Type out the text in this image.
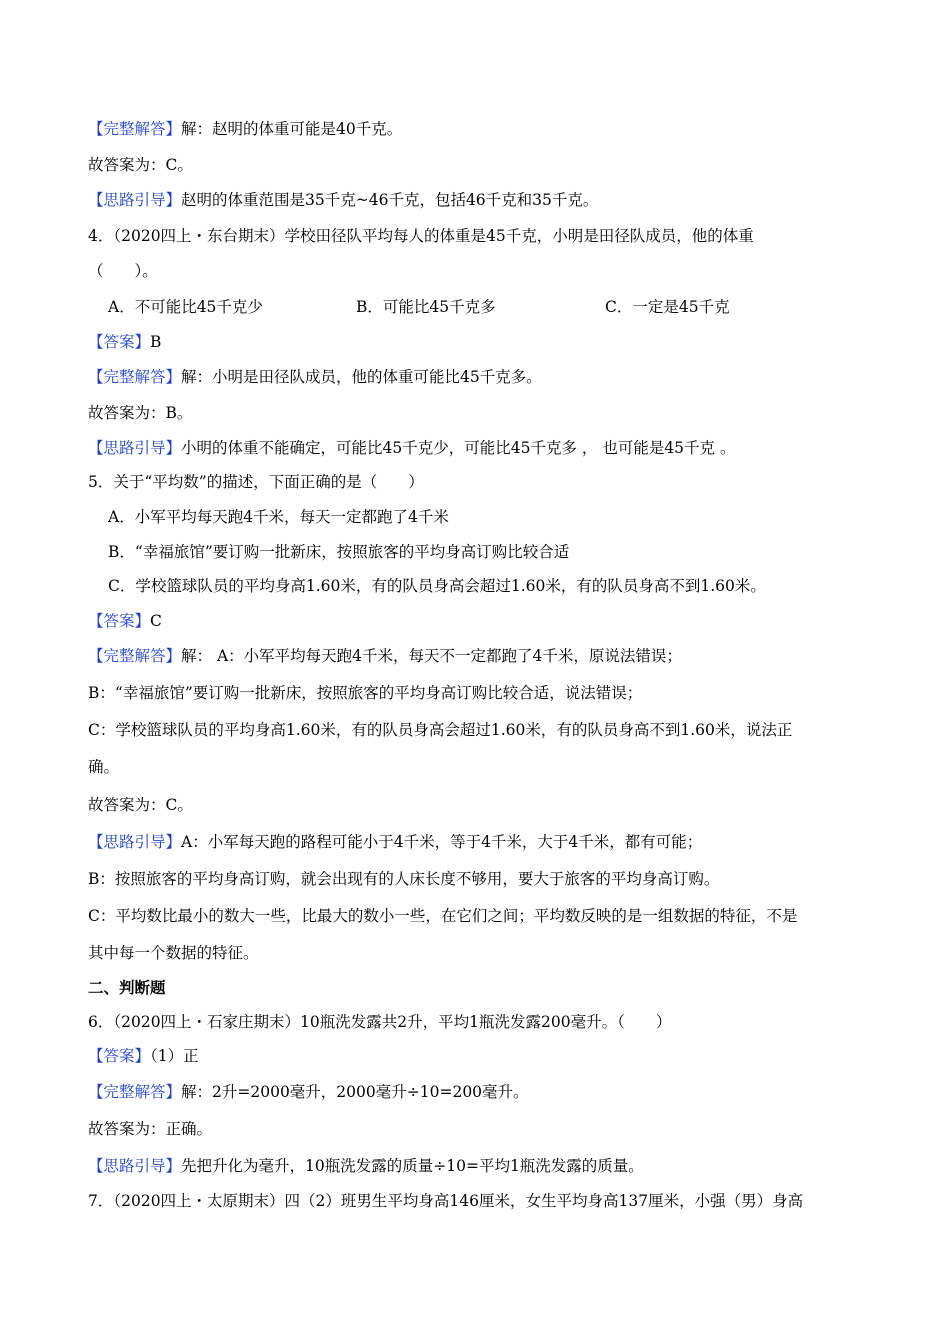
【完整解答】解：赵明的体重可能是40千克。
故答案为：C。
【思路引导】赵明的体重范围是35千克~46千克，包括46千克和35千克。
4．（2020四上・东台期末）学校田径队平均每人的体重是45千克，小明是田径队成员，他的体重
（　　）。
A．不可能比45千克少	B．可能比45千克多	C．一定是45千克
【答案】B
【完整解答】解：小明是田径队成员，他的体重可能比45千克多。
故答案为：B。
【思路引导】小明的体重不能确定，可能比45千克少，可能比45千克多 ， 也可能是45千克 。
5．关于“平均数”的描述，下面正确的是（　　）
A．小军平均每天跑4千米，每天一定都跑了4千米
B．“幸福旅馆”要订购一批新床，按照旅客的平均身高订购比较合适
C．学校篮球队员的平均身高1.60米，有的队员身高会超过1.60米，有的队员身高不到1.60米。
【答案】C
【完整解答】解： A：小军平均每天跑4千米，每天不一定都跑了4千米，原说法错误；
B：“幸福旅馆”要订购一批新床，按照旅客的平均身高订购比较合适，说法错误；
C：学校篮球队员的平均身高1.60米，有的队员身高会超过1.60米，有的队员身高不到1.60米，说法正
确。
故答案为：C。
【思路引导】A：小军每天跑的路程可能小于4千米，等于4千米，大于4千米，都有可能；
B：按照旅客的平均身高订购，就会出现有的人床长度不够用，要大于旅客的平均身高订购。
C：平均数比最小的数大一些，比最大的数小一些，在它们之间；平均数反映的是一组数据的特征，不是
其中每一个数据的特征。
二、判断题
6．（2020四上・石家庄期末）10瓶洗发露共2升，平均1瓶洗发露200毫升。（　　）
【答案】（1）正
【完整解答】解：2升=2000毫升，2000毫升÷10=200毫升。
故答案为：正确。
【思路引导】先把升化为毫升，10瓶洗发露的质量÷10=平均1瓶洗发露的质量。
7．（2020四上・太原期末）四（2）班男生平均身高146厘米，女生平均身高137厘米，小强（男）身高
